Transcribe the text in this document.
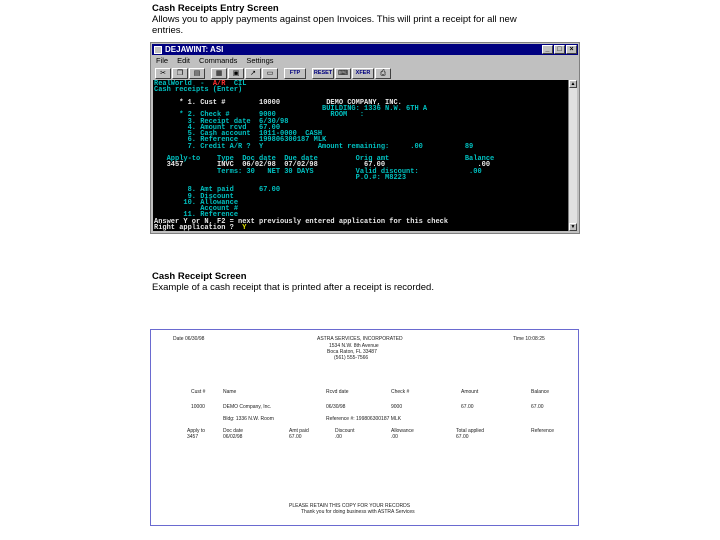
Cash Receipts Entry Screen
Allows you to apply payments against open Invoices. This will print a receipt for all new
entries.
DEJAWINT: ASI	_	□	×
File Edit Commands Settings
✂	❐	▤	▦	▣	↗	▭	FTP	RESET ⌨	XFER	⎙
RealWorld  -  A/R  CIL
Cash receipts (Enter)
* 1. Cust #        10000           DEMO COMPANY, INC.
BUILDING: 1336 N.W. 6TH A
* 2. Check #       9000             ROOM   :
3. Receipt date  6/30/98
4. Amount rcvd   67.00
5. Cash account  1011-0000  CASH
6. Reference     199806300187 MLK
7. Credit A/R ?  Y             Amount remaining:     .00          89
Apply-to    Type  Doc date  Due date         Orig amt                  Balance
3457        INVC  06/02/98  07/02/98           67.00                      .00
Terms: 30   NET 30 DAYS          Valid discount:            .00
P.O.#: M8223
8. Amt paid      67.00
9. Discount
10. Allowance
Account #
11. Reference
Answer Y or N, F2 = next previously entered application for this check
Right application ?  Y
▲
▼
Cash Receipt Screen
Example of a cash receipt that is printed after a receipt is recorded.
Date 06/30/98	Time 10:08:25
ASTRA SERVICES, INCORPORATED
1534 N.W. 8th Avenue
Boca Raton, FL 33487
(561) 555-7566
Cust #	Name	Rcvd date	Check #	Amount	Balance
10000	DEMO Company, Inc.	06/30/98	9000	67.00	67.00
Bldg: 1336 N.W. Room	Reference #: 199806300187 MLK
Apply to	Doc date	Amt paid	Discount	Allowance	Total applied	Reference
3457	06/02/98	67.00	.00	.00	67.00
PLEASE RETAIN THIS COPY FOR YOUR RECORDS
Thank you for doing business with ASTRA Services
